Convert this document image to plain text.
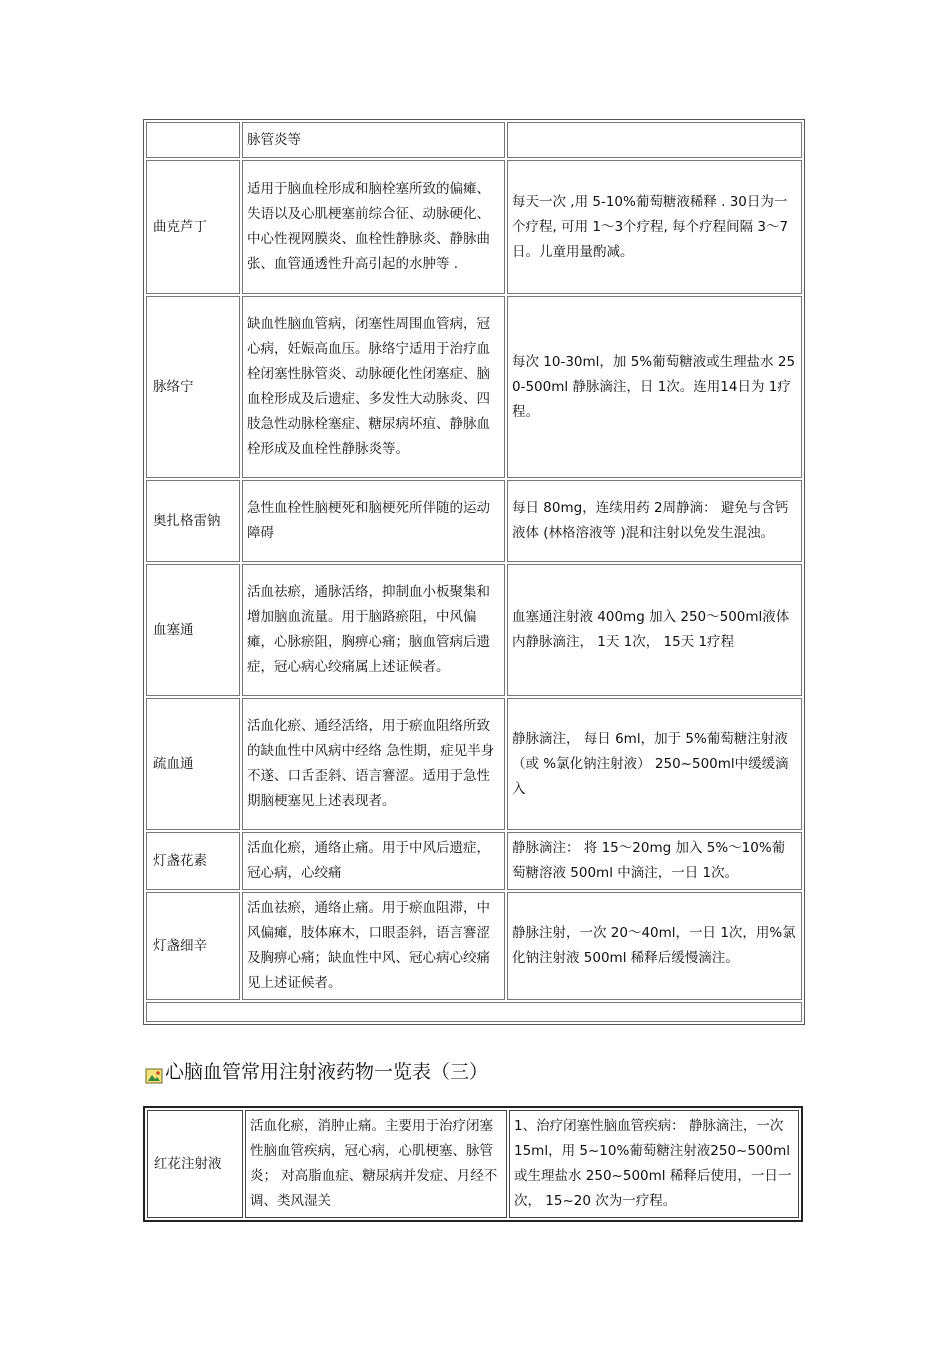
	脉管炎等	
曲克芦丁	适用于脑血栓形成和脑栓塞所致的偏瘫、失语以及心肌梗塞前综合征、动脉硬化、中心性视网膜炎、血栓性静脉炎、静脉曲张、血管通透性升高引起的水肿等 .	每天一次 ,用 5-10%葡萄糖液稀释 . 30日为一个疗程, 可用 1～3个疗程, 每个疗程间隔 3～7日。儿童用量酌减。
脉络宁	缺血性脑血管病，闭塞性周围血管病，冠心病，妊娠高血压。脉络宁适用于治疗血栓闭塞性脉管炎、动脉硬化性闭塞症、脑血栓形成及后遗症、多发性大动脉炎、四肢急性动脉栓塞症、糖尿病坏疽、静脉血栓形成及血栓性静脉炎等。	每次 10-30ml，加 5%葡萄糖液或生理盐水 250-500ml 静脉滴注，日 1次。连用14日为 1疗程。
奥扎格雷钠	急性血栓性脑梗死和脑梗死所伴随的运动障碍	每日 80mg，连续用药 2周静滴： 避免与含钙液体 (林格溶液等 )混和注射以免发生混浊。
血塞通	活血祛瘀，通脉活络，抑制血小板聚集和增加脑血流量。用于脑路瘀阻，中风偏瘫，心脉瘀阻，胸痹心痛；脑血管病后遗症，冠心病心绞痛属上述证候者。	血塞通注射液 400mg 加入 250～500ml液体内静脉滴注， 1天 1次， 15天 1疗程
疏血通	活血化瘀、通经活络，用于瘀血阻络所致的缺血性中风病中经络 急性期，症见半身不遂、口舌歪斜、语言謇涩。适用于急性期脑梗塞见上述表现者。	静脉滴注， 每日 6ml，加于 5%葡萄糖注射液（或 %氯化钠注射液） 250~500ml中缓缓滴入
灯盏花素	活血化瘀，通络止痛。用于中风后遗症，冠心病，心绞痛	静脉滴注： 将 15～20mg 加入 5%～10%葡萄糖溶液 500ml 中滴注，一日 1次。
灯盏细辛	活血祛瘀，通络止痛。用于瘀血阻滞，中风偏瘫，肢体麻木，口眼歪斜，语言謇涩及胸痹心痛；缺血性中风、冠心病心绞痛见上述证候者。	静脉注射，一次 20～40ml，一日 1次，用%氯化钠注射液 500ml 稀释后缓慢滴注。

心脑血管常用注射液药物一览表（三）
红花注射液	活血化瘀，消肿止痛。主要用于治疗闭塞性脑血管疾病，冠心病，心肌梗塞、脉管炎； 对高脂血症、糖尿病并发症、月经不调、类风湿关	1、治疗闭塞性脑血管疾病： 静脉滴注，一次 15ml，用 5~10%葡萄糖注射液250~500ml或生理盐水 250~500ml 稀释后使用，一日一次， 15~20 次为一疗程。
